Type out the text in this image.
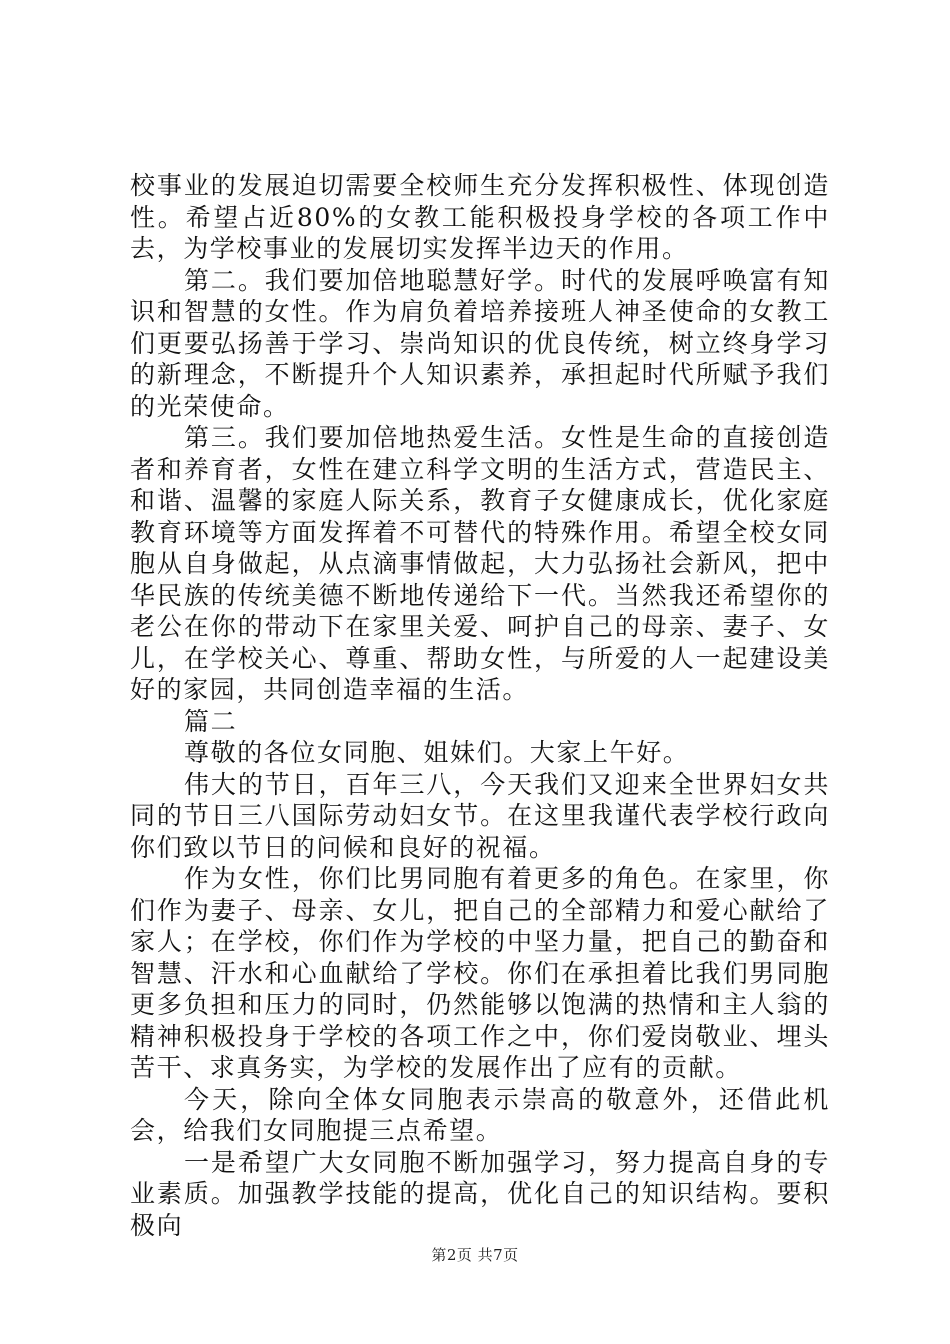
校事业的发展迫切需要全校师生充分发挥积极性、体现创造性。希望占近80%的女教工能积极投身学校的各项工作中去，为学校事业的发展切实发挥半边天的作用。

第二。我们要加倍地聪慧好学。时代的发展呼唤富有知识和智慧的女性。作为肩负着培养接班人神圣使命的女教工们更要弘扬善于学习、崇尚知识的优良传统，树立终身学习的新理念，不断提升个人知识素养，承担起时代所赋予我们的光荣使命。

第三。我们要加倍地热爱生活。女性是生命的直接创造者和养育者，女性在建立科学文明的生活方式，营造民主、和谐、温馨的家庭人际关系，教育子女健康成长，优化家庭教育环境等方面发挥着不可替代的特殊作用。希望全校女同胞从自身做起，从点滴事情做起，大力弘扬社会新风，把中华民族的传统美德不断地传递给下一代。当然我还希望你的老公在你的带动下在家里关爱、呵护自己的母亲、妻子、女儿，在学校关心、尊重、帮助女性，与所爱的人一起建设美好的家园，共同创造幸福的生活。

篇二

尊敬的各位女同胞、姐妹们。大家上午好。

伟大的节日，百年三八，今天我们又迎来全世界妇女共同的节日三八国际劳动妇女节。在这里我谨代表学校行政向你们致以节日的问候和良好的祝福。

作为女性，你们比男同胞有着更多的角色。在家里，你们作为妻子、母亲、女儿，把自己的全部精力和爱心献给了家人；在学校，你们作为学校的中坚力量，把自己的勤奋和智慧、汗水和心血献给了学校。你们在承担着比我们男同胞更多负担和压力的同时，仍然能够以饱满的热情和主人翁的精神积极投身于学校的各项工作之中，你们爱岗敬业、埋头苦干、求真务实，为学校的发展作出了应有的贡献。

今天，除向全体女同胞表示崇高的敬意外，还借此机会，给我们女同胞提三点希望。

一是希望广大女同胞不断加强学习，努力提高自身的专业素质。加强教学技能的提高，优化自己的知识结构。要积极向

第2页 共7页
